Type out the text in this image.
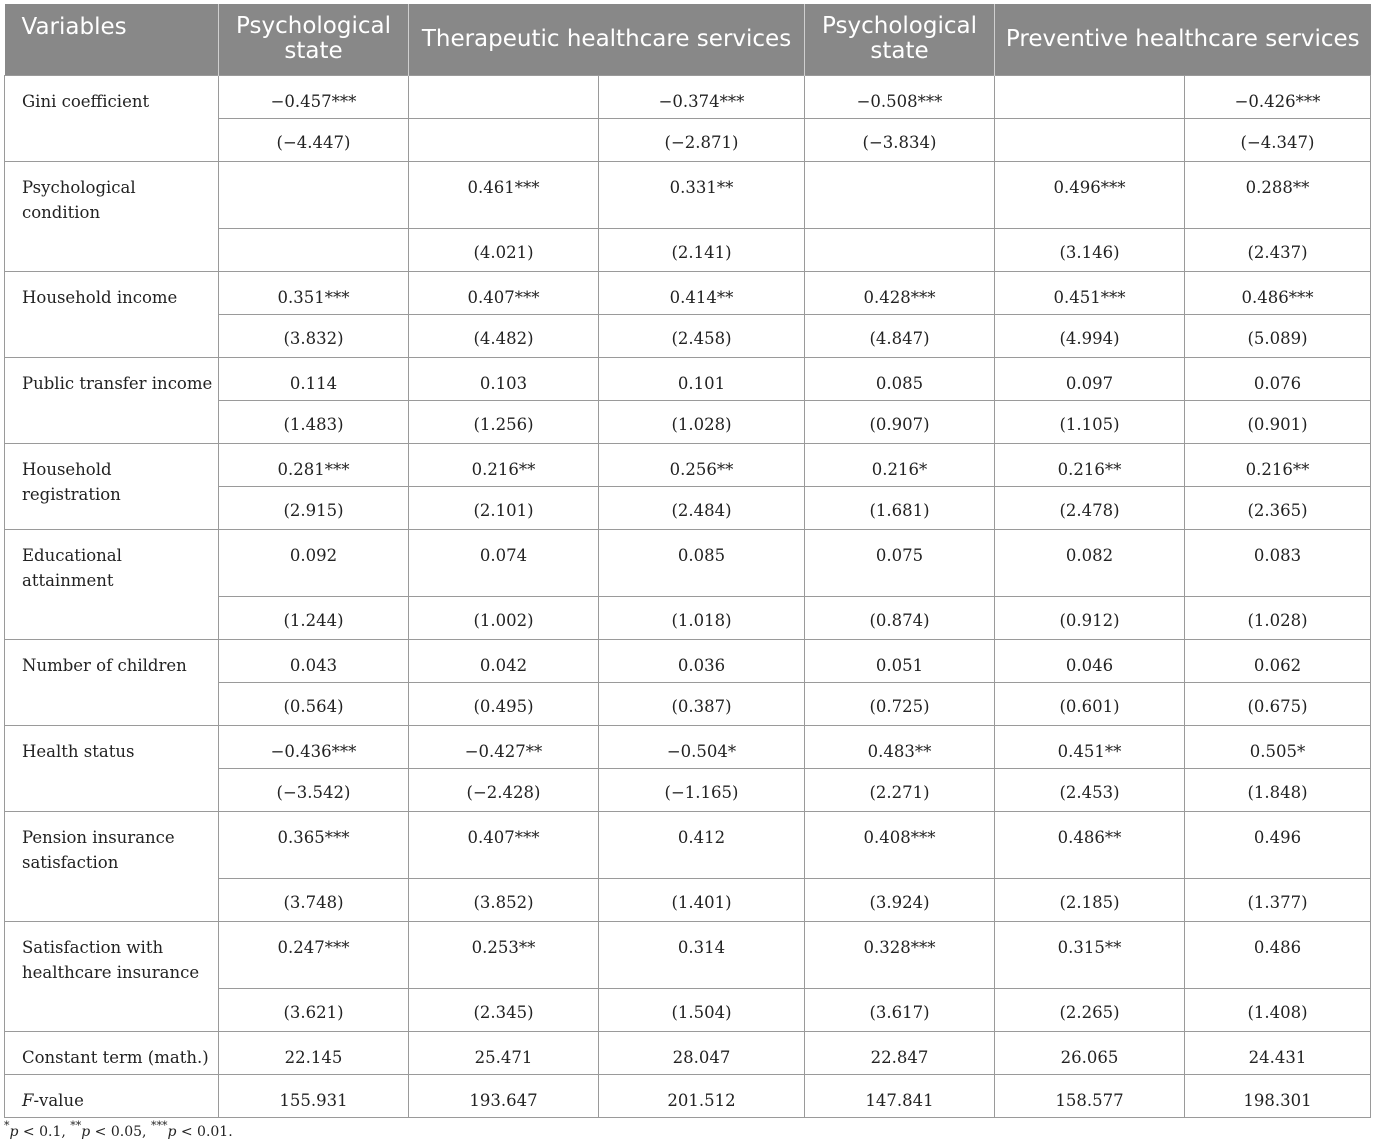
Variables	Psychological state	Therapeutic healthcare services		Psychological state	Preventive healthcare services	
Gini coefficient	−0.457***		−0.374***	−0.508***		−0.426***
	(−4.447)		(−2.871)	(−3.834)		(−4.347)
Psychological condition		0.461***	0.331**		0.496***	0.288**
		(4.021)	(2.141)		(3.146)	(2.437)
Household income	0.351***	0.407***	0.414**	0.428***	0.451***	0.486***
	(3.832)	(4.482)	(2.458)	(4.847)	(4.994)	(5.089)
Public transfer income	0.114	0.103	0.101	0.085	0.097	0.076
	(1.483)	(1.256)	(1.028)	(0.907)	(1.105)	(0.901)
Household registration	0.281***	0.216**	0.256**	0.216*	0.216**	0.216**
	(2.915)	(2.101)	(2.484)	(1.681)	(2.478)	(2.365)
Educational attainment	0.092	0.074	0.085	0.075	0.082	0.083
	(1.244)	(1.002)	(1.018)	(0.874)	(0.912)	(1.028)
Number of children	0.043	0.042	0.036	0.051	0.046	0.062
	(0.564)	(0.495)	(0.387)	(0.725)	(0.601)	(0.675)
Health status	−0.436***	−0.427**	−0.504*	0.483**	0.451**	0.505*
	(−3.542)	(−2.428)	(−1.165)	(2.271)	(2.453)	(1.848)
Pension insurance satisfaction	0.365***	0.407***	0.412	0.408***	0.486**	0.496
	(3.748)	(3.852)	(1.401)	(3.924)	(2.185)	(1.377)
Satisfaction with healthcare insurance	0.247***	0.253**	0.314	0.328***	0.315**	0.486
	(3.621)	(2.345)	(1.504)	(3.617)	(2.265)	(1.408)
Constant term (math.)	22.145	25.471	28.047	22.847	26.065	24.431
F-value	155.931	193.647	201.512	147.841	158.577	198.301
*p < 0.1, **p < 0.05, ***p < 0.01.
